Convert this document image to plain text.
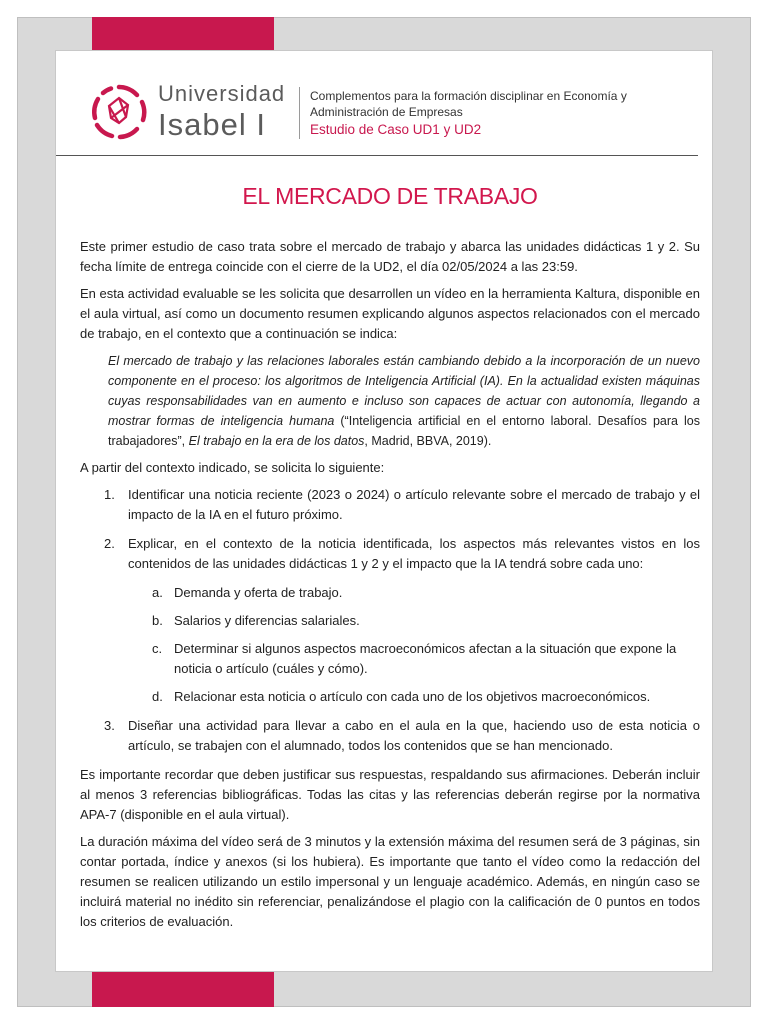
Universidad
Isabel I
Complementos para la formación disciplinar en Economía y
Administración de Empresas
Estudio de Caso UD1 y UD2
EL MERCADO DE TRABAJO

Este primer estudio de caso trata sobre el mercado de trabajo y abarca las unidades didácticas 1 y 2. Su fecha límite de entrega coincide con el cierre de la UD2, el día 02/05/2024 a las 23:59.

En esta actividad evaluable se les solicita que desarrollen un vídeo en la herramienta Kaltura, disponible en el aula virtual, así como un documento resumen explicando algunos aspectos relacionados con el mercado de trabajo, en el contexto que a continuación se indica:

El mercado de trabajo y las relaciones laborales están cambiando debido a la incorporación de un nuevo componente en el proceso: los algoritmos de Inteligencia Artificial (IA). En la actualidad existen máquinas cuyas responsabilidades van en aumento e incluso son capaces de actuar con autonomía, llegando a mostrar formas de inteligencia humana (“Inteligencia artificial en el entorno laboral. Desafíos para los trabajadores”, El trabajo en la era de los datos, Madrid, BBVA, 2019).

A partir del contexto indicado, se solicita lo siguiente:

1. Identificar una noticia reciente (2023 o 2024) o artículo relevante sobre el mercado de trabajo y el impacto de la IA en el futuro próximo.
2. Explicar, en el contexto de la noticia identificada, los aspectos más relevantes vistos en los contenidos de las unidades didácticas 1 y 2 y el impacto que la IA tendrá sobre cada uno:
a. Demanda y oferta de trabajo.
b. Salarios y diferencias salariales.
c. Determinar si algunos aspectos macroeconómicos afectan a la situación que expone la noticia o artículo (cuáles y cómo).
d. Relacionar esta noticia o artículo con cada uno de los objetivos macroeconómicos.
3. Diseñar una actividad para llevar a cabo en el aula en la que, haciendo uso de esta noticia o artículo, se trabajen con el alumnado, todos los contenidos que se han mencionado.

Es importante recordar que deben justificar sus respuestas, respaldando sus afirmaciones. Deberán incluir al menos 3 referencias bibliográficas. Todas las citas y las referencias deberán regirse por la normativa APA-7 (disponible en el aula virtual).

La duración máxima del vídeo será de 3 minutos y la extensión máxima del resumen será de 3 páginas, sin contar portada, índice y anexos (si los hubiera). Es importante que tanto el vídeo como la redacción del resumen se realicen utilizando un estilo impersonal y un lenguaje académico. Además, en ningún caso se incluirá material no inédito sin referenciar, penalizándose el plagio con la calificación de 0 puntos en todos los criterios de evaluación.
